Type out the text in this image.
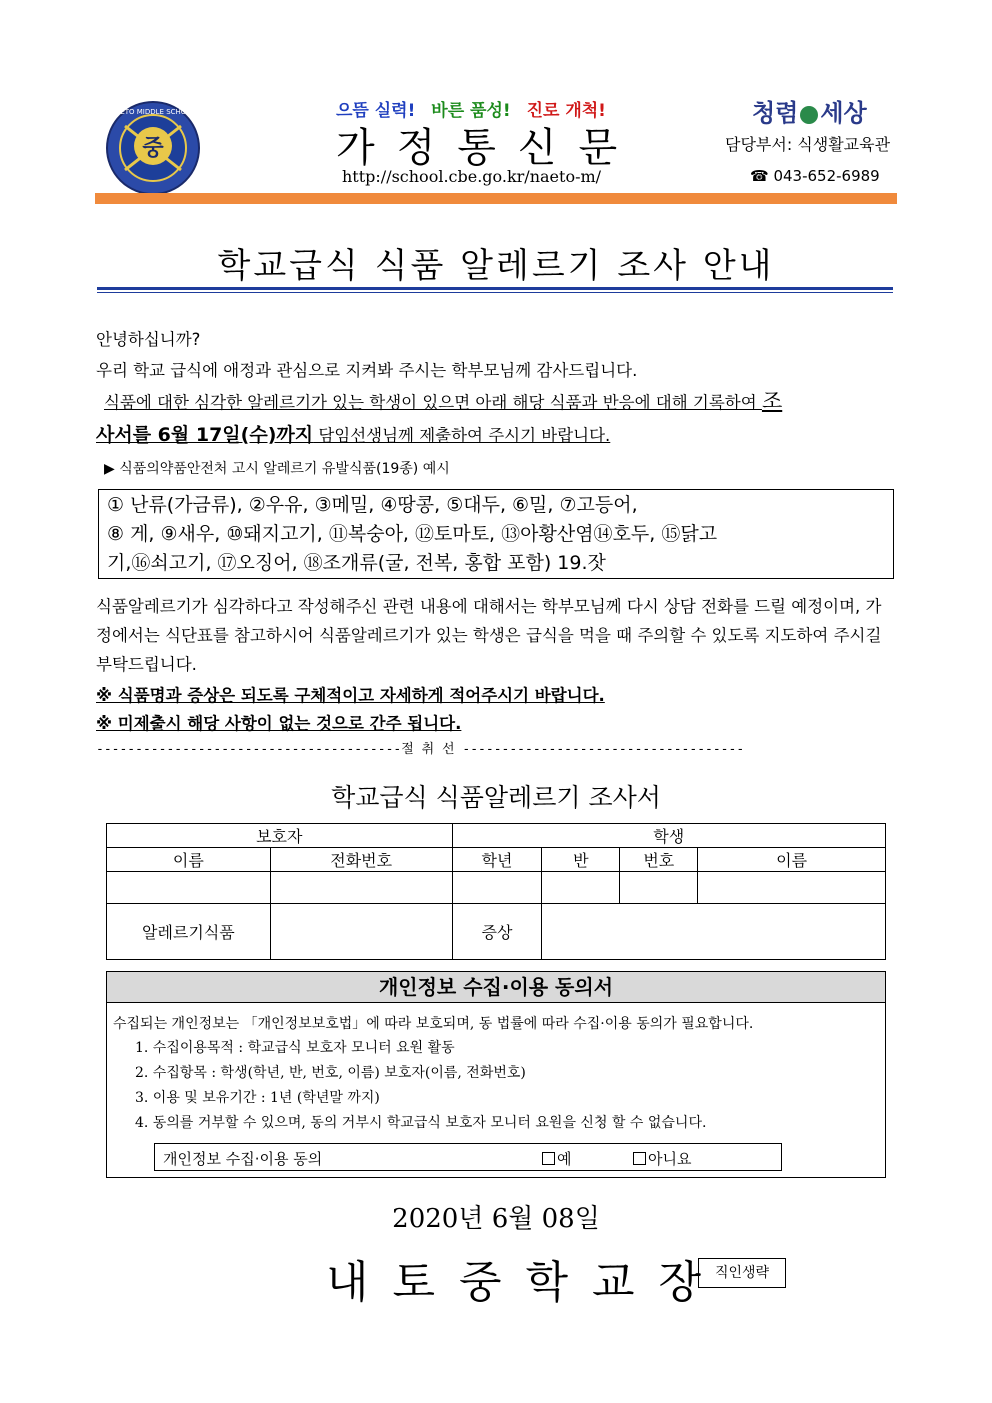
중
NAETO MIDDLE SCHOOL	으뜸 실력! 바른 품성! 진로 개척!
가정통신문
http://school.cbe.go.kr/naeto-m/
청렴 세상
담당부서: 식생활교육관
☎ 043-652-6989
학교급식 식품 알레르기 조사 안내
안녕하십니까?
우리 학교 급식에 애정과 관심으로 지켜봐 주시는 학부모님께 감사드립니다.
식품에 대한 심각한 알레르기가 있는 학생이 있으면 아래 해당 식품과 반응에 대해 기록하여 조
사서를 6월 17일(수)까지 담임선생님께 제출하여 주시기 바랍니다.
▶ 식품의약품안전처 고시 알레르기 유발식품(19종) 예시
① 난류(가금류), ②우유, ③메밀, ④땅콩, ⑤대두, ⑥밀, ⑦고등어,
⑧ 게, ⑨새우, ⑩돼지고기, ⑪복숭아, ⑫토마토, ⑬아황산염⑭호두, ⑮닭고
기,⑯쇠고기, ⑰오징어, ⑱조개류(굴, 전복, 홍합 포함) 19.잣
식품알레르기가 심각하다고 작성해주신 관련 내용에 대해서는 학부모님께 다시 상담 전화를 드릴 예정이며, 가정에서는 식단표를 참고하시어 식품알레르기가 있는 학생은 급식을 먹을 때 주의할 수 있도록 지도하여 주시길 부탁드립니다.
※ 식품명과 증상은 되도록 구체적이고 자세하게 적어주시기 바랍니다.
※ 미제출시 해당 사항이 없는 것으로 간주 됩니다.
---------------------------------------절 취 선 ------------------------------------
학교급식 식품알레르기 조사서
보호자		학생			
이름	전화번호	학년	반	번호	이름

알레르기식품		증상			
개인정보 수집·이용 동의서
수집되는 개인정보는 「개인정보보호법」에 따라 보호되며, 동 법률에 따라 수집·이용 동의가 필요합니다.
1. 수집이용목적 : 학교급식 보호자 모니터 요원 활동
2. 수집항목 : 학생(학년, 반, 번호, 이름) 보호자(이름, 전화번호)
3. 이용 및 보유기간 : 1년 (학년말 까지)
4. 동의를 거부할 수 있으며, 동의 거부시 학교급식 보호자 모니터 요원을 신청 할 수 없습니다.
개인정보 수집·이용 동의	예	아니요
2020년 6월 08일
내토중학교장
직인생략
